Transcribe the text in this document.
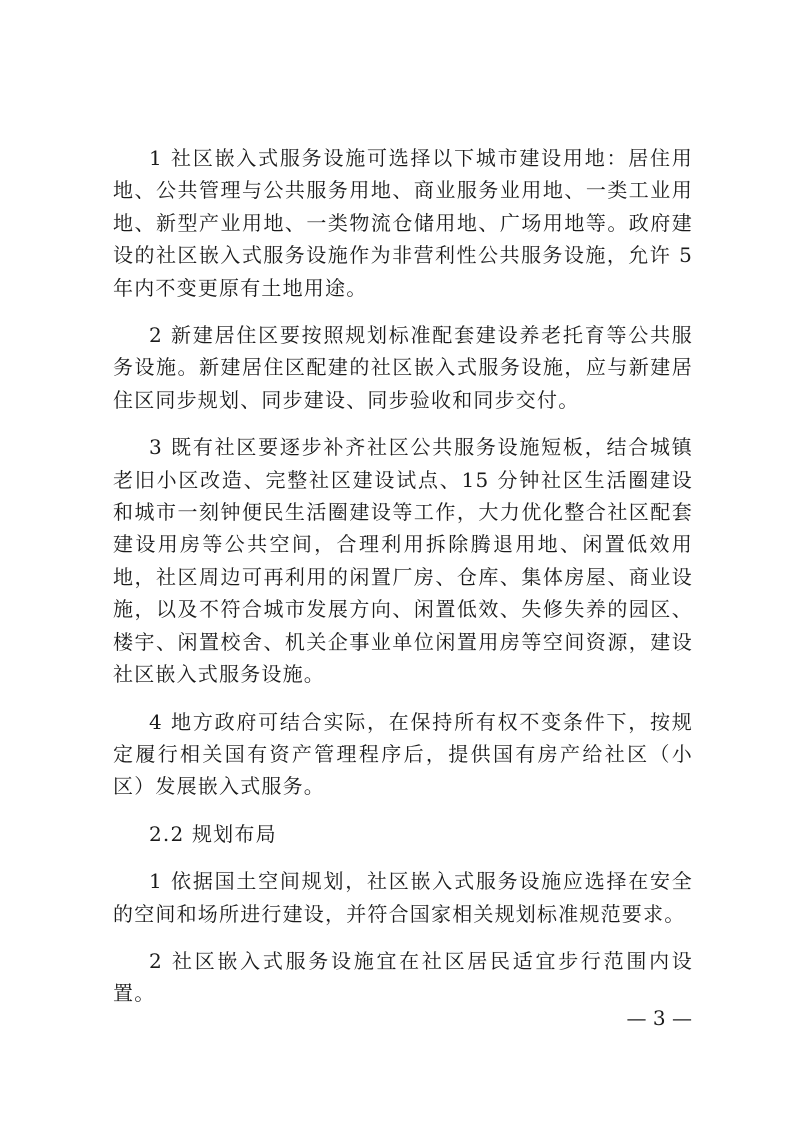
1 社区嵌入式服务设施可选择以下城市建设用地：居住用地、公共管理与公共服务用地、商业服务业用地、一类工业用地、新型产业用地、一类物流仓储用地、广场用地等。政府建设的社区嵌入式服务设施作为非营利性公共服务设施，允许 5 年内不变更原有土地用途。

2 新建居住区要按照规划标准配套建设养老托育等公共服务设施。新建居住区配建的社区嵌入式服务设施，应与新建居住区同步规划、同步建设、同步验收和同步交付。

3 既有社区要逐步补齐社区公共服务设施短板，结合城镇老旧小区改造、完整社区建设试点、15 分钟社区生活圈建设和城市一刻钟便民生活圈建设等工作，大力优化整合社区配套建设用房等公共空间，合理利用拆除腾退用地、闲置低效用地，社区周边可再利用的闲置厂房、仓库、集体房屋、商业设施，以及不符合城市发展方向、闲置低效、失修失养的园区、楼宇、闲置校舍、机关企事业单位闲置用房等空间资源，建设社区嵌入式服务设施。

4 地方政府可结合实际，在保持所有权不变条件下，按规定履行相关国有资产管理程序后，提供国有房产给社区（小区）发展嵌入式服务。

2.2 规划布局

1 依据国土空间规划，社区嵌入式服务设施应选择在安全的空间和场所进行建设，并符合国家相关规划标准规范要求。

2 社区嵌入式服务设施宜在社区居民适宜步行范围内设置。

— 3 —
